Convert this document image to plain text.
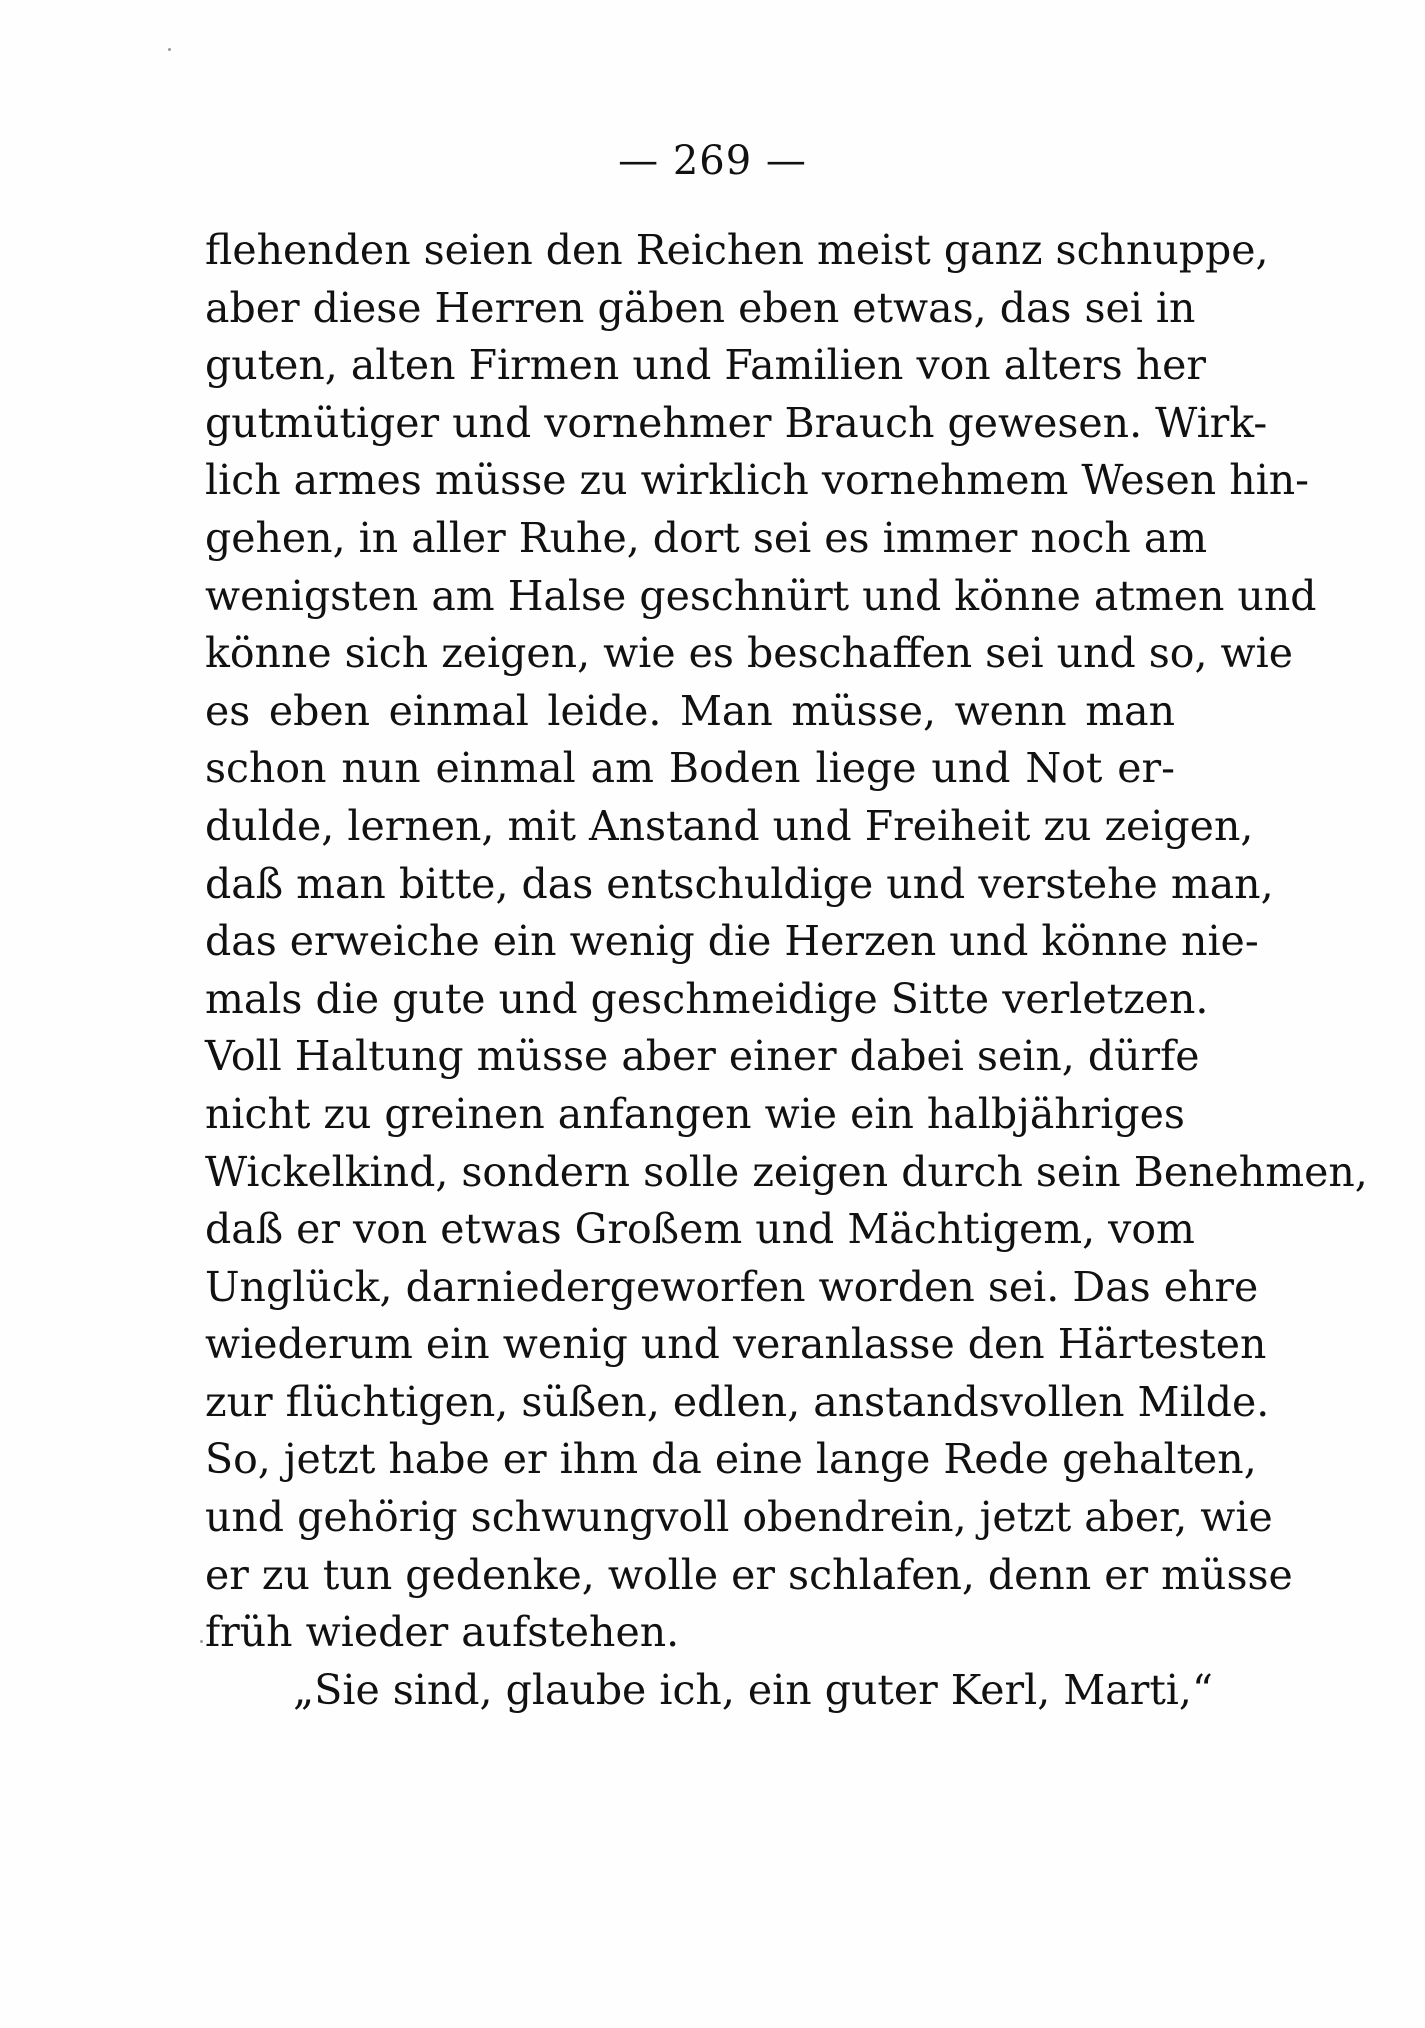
— 269 —
flehenden seien den Reichen meist ganz schnuppe,
aber diese Herren gäben eben etwas, das sei in
guten, alten Firmen und Familien von alters her
gutmütiger und vornehmer Brauch gewesen. Wirk-
lich armes müsse zu wirklich vornehmem Wesen hin-
gehen, in aller Ruhe, dort sei es immer noch am
wenigsten am Halse geschnürt und könne atmen und
könne sich zeigen, wie es beschaffen sei und so, wie
es eben einmal leide. Man müsse, wenn man
schon nun einmal am Boden liege und Not er-
dulde, lernen, mit Anstand und Freiheit zu zeigen,
daß man bitte, das entschuldige und verstehe man,
das erweiche ein wenig die Herzen und könne nie-
mals die gute und geschmeidige Sitte verletzen.
Voll Haltung müsse aber einer dabei sein, dürfe
nicht zu greinen anfangen wie ein halbjähriges
Wickelkind, sondern solle zeigen durch sein Benehmen,
daß er von etwas Großem und Mächtigem, vom
Unglück, darniedergeworfen worden sei. Das ehre
wiederum ein wenig und veranlasse den Härtesten
zur flüchtigen, süßen, edlen, anstandsvollen Milde.
So, jetzt habe er ihm da eine lange Rede gehalten,
und gehörig schwungvoll obendrein, jetzt aber, wie
er zu tun gedenke, wolle er schlafen, denn er müsse
früh wieder aufstehen.
„Sie sind, glaube ich, ein guter Kerl, Marti,“
